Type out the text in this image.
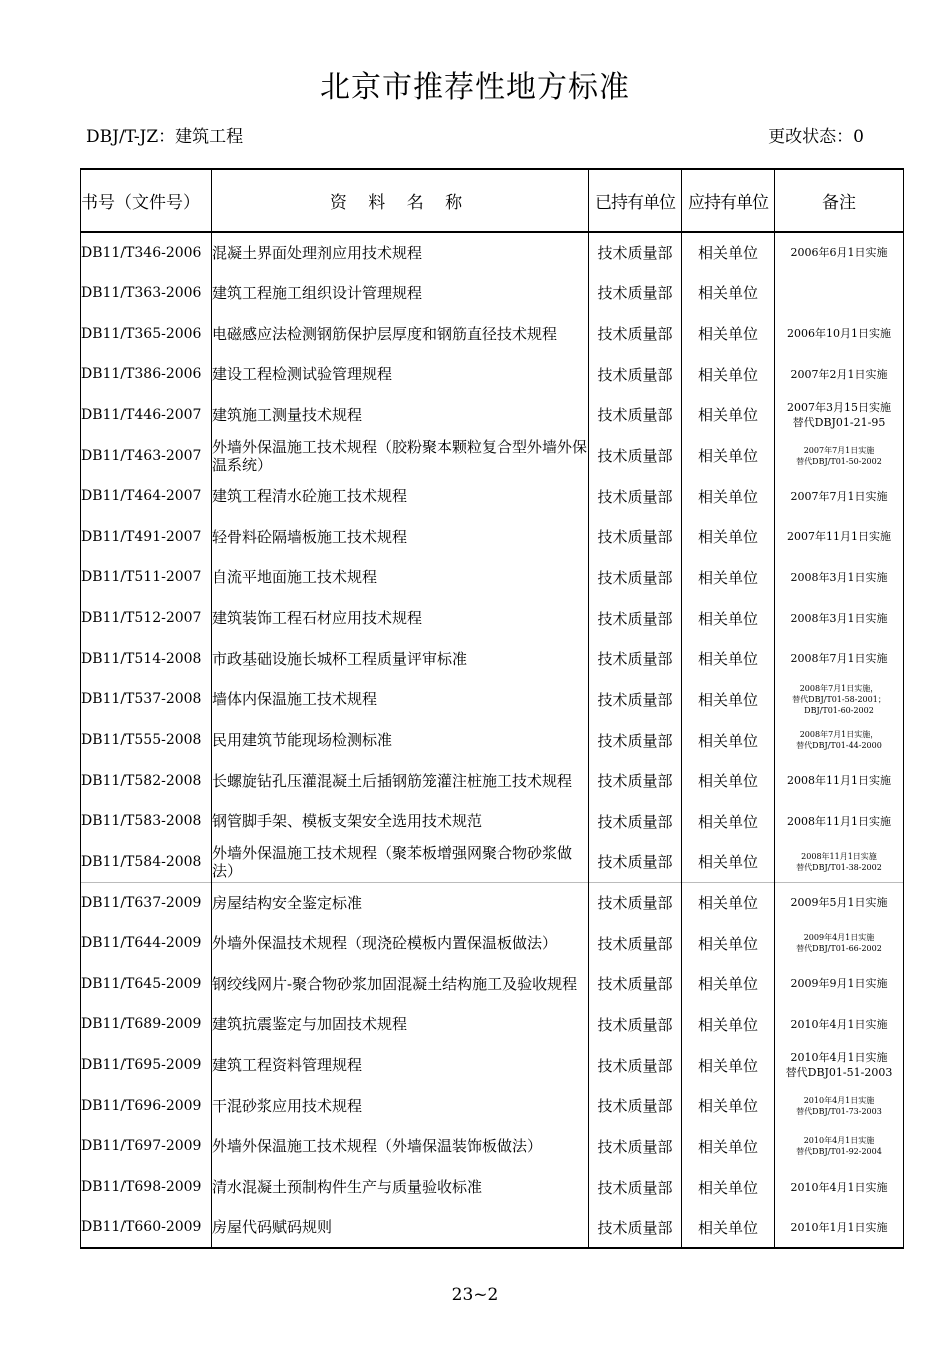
北京市推荐性地方标准
DBJ/T-JZ：建筑工程	更改状态：0
书号（文件号）	资 料 名 称	已持有单位	应持有单位	备注
DB11/T346-2006	混凝土界面处理剂应用技术规程	技术质量部	相关单位	2006年6月1日实施

DB11/T363-2006	建筑工程施工组织设计管理规程	技术质量部	相关单位	

DB11/T365-2006	电磁感应法检测钢筋保护层厚度和钢筋直径技术规程	技术质量部	相关单位	2006年10月1日实施

DB11/T386-2006	建设工程检测试验管理规程	技术质量部	相关单位	2007年2月1日实施

DB11/T446-2007	建筑施工测量技术规程	技术质量部	相关单位	2007年3月15日实施
替代DBJ01-21-95

DB11/T463-2007	外墙外保温施工技术规程（胶粉聚本颗粒复合型外墙外保温系统）	技术质量部	相关单位	2007年7月1日实施
替代DBJ/T01-50-2002

DB11/T464-2007	建筑工程清水砼施工技术规程	技术质量部	相关单位	2007年7月1日实施

DB11/T491-2007	轻骨料砼隔墙板施工技术规程	技术质量部	相关单位	2007年11月1日实施

DB11/T511-2007	自流平地面施工技术规程	技术质量部	相关单位	2008年3月1日实施

DB11/T512-2007	建筑装饰工程石材应用技术规程	技术质量部	相关单位	2008年3月1日实施

DB11/T514-2008	市政基础设施长城杯工程质量评审标准	技术质量部	相关单位	2008年7月1日实施

DB11/T537-2008	墙体内保温施工技术规程	技术质量部	相关单位	2008年7月1日实施，
替代DBJ/T01-58-2001；
DBJ/T01-60-2002

DB11/T555-2008	民用建筑节能现场检测标准	技术质量部	相关单位	2008年7月1日实施，
替代DBJ/T01-44-2000

DB11/T582-2008	长螺旋钻孔压灌混凝土后插钢筋笼灌注桩施工技术规程	技术质量部	相关单位	2008年11月1日实施

DB11/T583-2008	钢管脚手架、模板支架安全选用技术规范	技术质量部	相关单位	2008年11月1日实施

DB11/T584-2008	外墙外保温施工技术规程（聚苯板增强网聚合物砂浆做法）	技术质量部	相关单位	2008年11月1日实施
替代DBJ/T01-38-2002

DB11/T637-2009	房屋结构安全鉴定标准	技术质量部	相关单位	2009年5月1日实施

DB11/T644-2009	外墙外保温技术规程（现浇砼模板内置保温板做法）	技术质量部	相关单位	2009年4月1日实施
替代DBJ/T01-66-2002

DB11/T645-2009	钢绞线网片-聚合物砂浆加固混凝土结构施工及验收规程	技术质量部	相关单位	2009年9月1日实施

DB11/T689-2009	建筑抗震鉴定与加固技术规程	技术质量部	相关单位	2010年4月1日实施

DB11/T695-2009	建筑工程资料管理规程	技术质量部	相关单位	2010年4月1日实施
替代DBJ01-51-2003

DB11/T696-2009	干混砂浆应用技术规程	技术质量部	相关单位	2010年4月1日实施
替代DBJ/T01-73-2003

DB11/T697-2009	外墙外保温施工技术规程（外墙保温装饰板做法）	技术质量部	相关单位	2010年4月1日实施
替代DBJ/T01-92-2004

DB11/T698-2009	清水混凝土预制构件生产与质量验收标准	技术质量部	相关单位	2010年4月1日实施

DB11/T660-2009	房屋代码赋码规则	技术质量部	相关单位	2010年1月1日实施
23~2
